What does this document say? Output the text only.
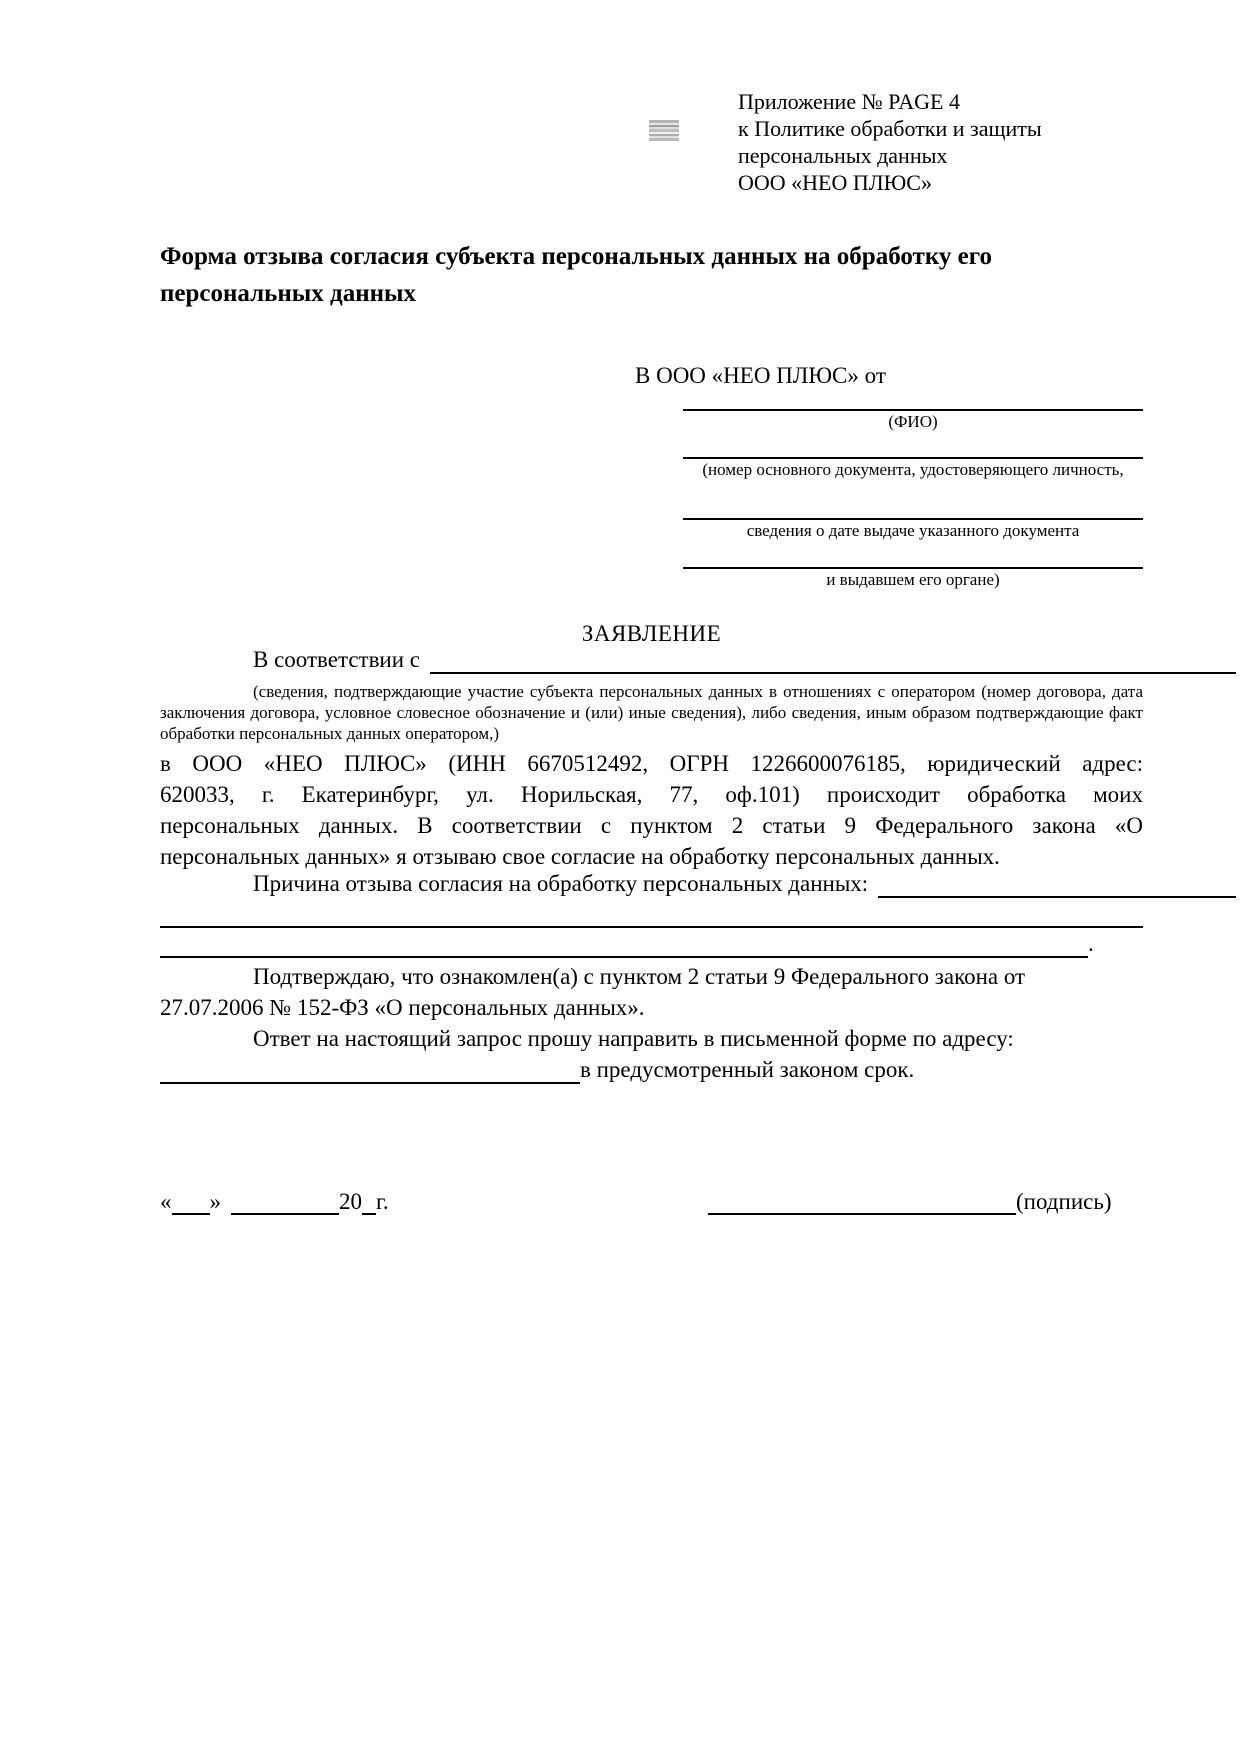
Приложение № PAGE 4
к Политике обработки и защиты
персональных данных
ООО «НЕО ПЛЮС»
Форма отзыва согласия субъекта персональных данных на обработку его персональных данных
В ООО «НЕО ПЛЮС» от
(ФИО)
(номер основного документа, удостоверяющего личность,
сведения о дате выдаче указанного документа
и выдавшем его органе)
ЗАЯВЛЕНИЕ
В соответствии с
(сведения, подтверждающие участие субъекта персональных данных в отношениях с оператором (номер договора, дата
заключения договора, условное словесное обозначение и (или) иные сведения), либо сведения, иным образом подтверждающие факт
обработки персональных данных оператором,)
в ООО «НЕО ПЛЮС» (ИНН 6670512492, ОГРН 1226600076185, юридический адрес:
620033, г. Екатеринбург, ул. Норильская, 77, оф.101) происходит обработка моих
персональных данных. В соответствии с пунктом 2 статьи 9 Федерального закона «О
персональных данных» я отзываю свое согласие на обработку персональных данных.
Причина отзыва согласия на обработку персональных данных:
.
Подтверждаю, что ознакомлен(а) с пунктом 2 статьи 9 Федерального закона от
27.07.2006 № 152-ФЗ «О персональных данных».
Ответ на настоящий запрос прошу направить в письменной форме по адресу:
в предусмотренный законом срок.
« »	20 г.	(подпись)
